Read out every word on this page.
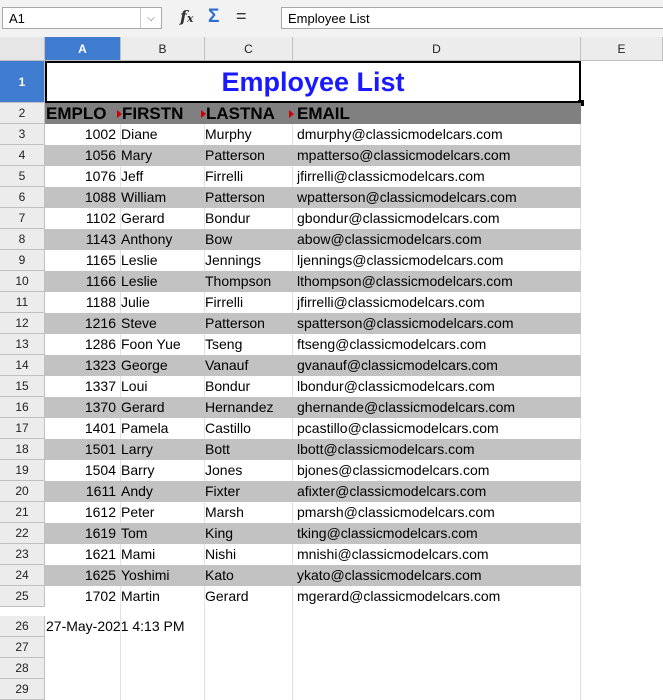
A1	⌵	fx Σ =	Employee List
A	B	C	D	E
1	Employee List
2	EMPLO FIRSTN	LASTNA	EMAIL
3	1002 Diane	Murphy	dmurphy@classicmodelcars.com
4	1056 Mary	Patterson	mpatterso@classicmodelcars.com
5	1076 Jeff	Firrelli	jfirrelli@classicmodelcars.com
6	1088 William	Patterson	wpatterson@classicmodelcars.com
7	1102 Gerard	Bondur	gbondur@classicmodelcars.com
8	1143 Anthony	Bow	abow@classicmodelcars.com
9	1165 Leslie	Jennings	ljennings@classicmodelcars.com
10	1166 Leslie	Thompson	lthompson@classicmodelcars.com
11	1188 Julie	Firrelli	jfirrelli@classicmodelcars.com
12	1216 Steve	Patterson	spatterson@classicmodelcars.com
13	1286 Foon Yue	Tseng	ftseng@classicmodelcars.com
14	1323 George	Vanauf	gvanauf@classicmodelcars.com
15	1337 Loui	Bondur	lbondur@classicmodelcars.com
16	1370 Gerard	Hernandez	ghernande@classicmodelcars.com
17	1401 Pamela	Castillo	pcastillo@classicmodelcars.com
18	1501 Larry	Bott	lbott@classicmodelcars.com
19	1504 Barry	Jones	bjones@classicmodelcars.com
20	1611 Andy	Fixter	afixter@classicmodelcars.com
21	1612 Peter	Marsh	pmarsh@classicmodelcars.com
22	1619 Tom	King	tking@classicmodelcars.com
23	1621 Mami	Nishi	mnishi@classicmodelcars.com
24	1625 Yoshimi	Kato	ykato@classicmodelcars.com
25	1702 Martin	Gerard	mgerard@classicmodelcars.com
26	27-May-2021 4:13 PM
27
28
29
